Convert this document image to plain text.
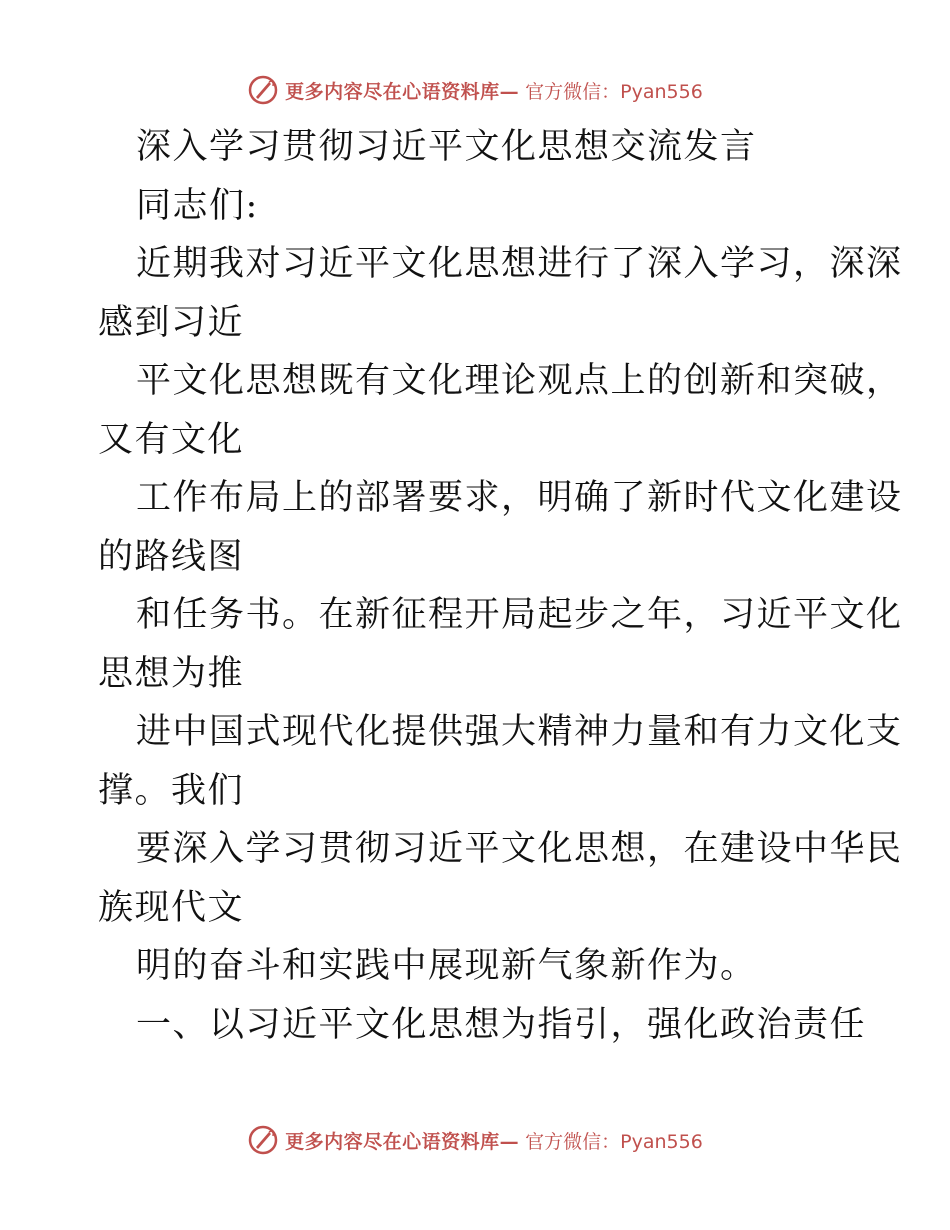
更多内容尽在心语资料库— 官方微信：Pyan556
深入学习贯彻习近平文化思想交流发言
同志们:
近期我对习近平文化思想进行了深入学习，深深
感到习近
平文化思想既有文化理论观点上的创新和突破，
又有文化
工作布局上的部署要求，明确了新时代文化建设
的路线图
和任务书。在新征程开局起步之年，习近平文化
思想为推
进中国式现代化提供强大精神力量和有力文化支
撑。我们
要深入学习贯彻习近平文化思想，在建设中华民
族现代文
明的奋斗和实践中展现新气象新作为。
一、以习近平文化思想为指引，强化政治责任
更多内容尽在心语资料库— 官方微信：Pyan556
